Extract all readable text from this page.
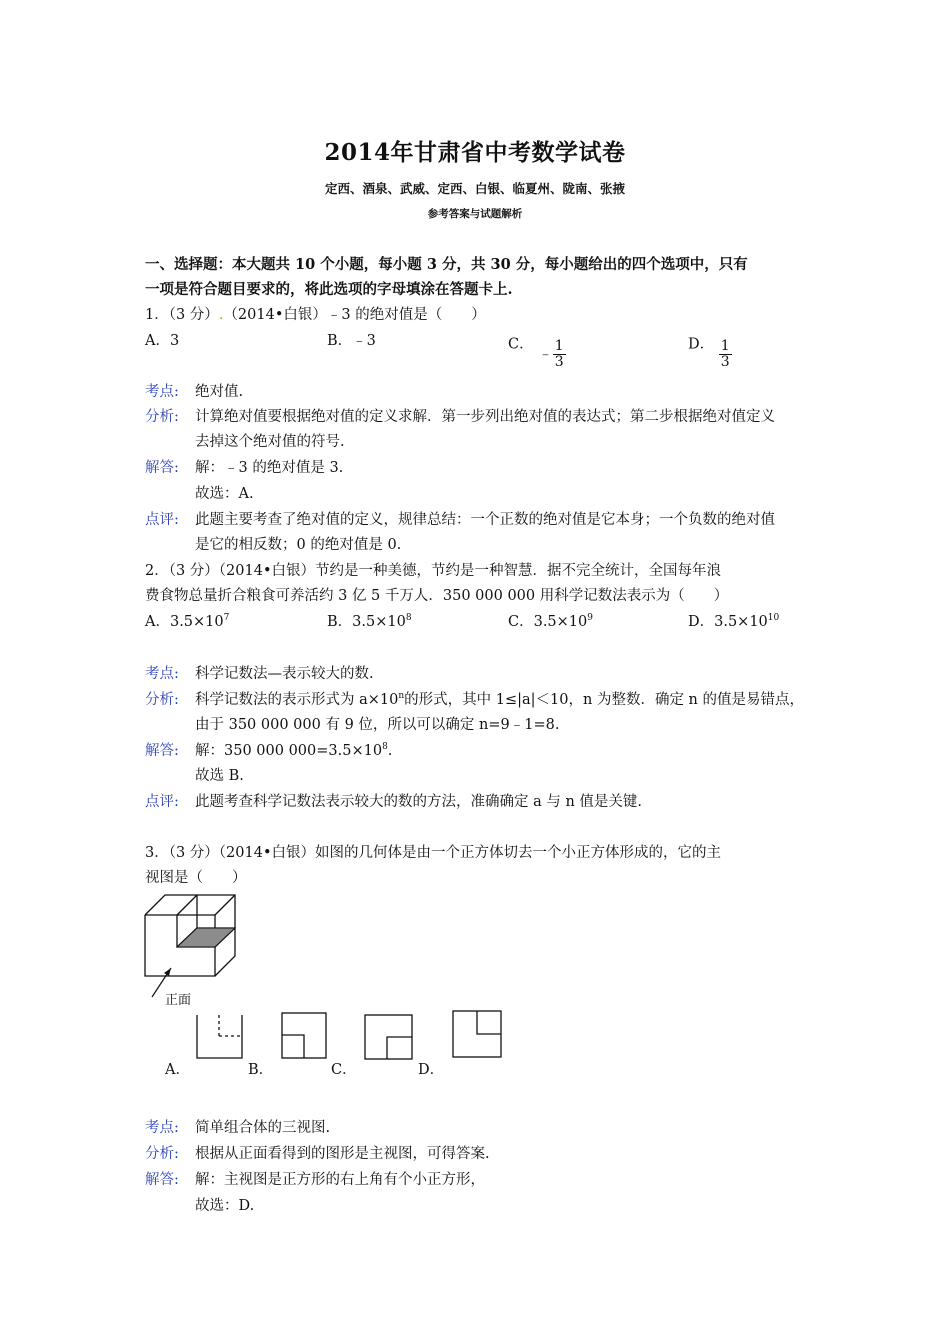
2014年甘肃省中考数学试卷
定西、酒泉、武威、定西、白银、临夏州、陇南、张掖
参考答案与试题解析
一、选择题：本大题共 10 个小题，每小题 3 分，共 30 分，每小题给出的四个选项中，只有
一项是符合题目要求的，将此选项的字母填涂在答题卡上.
1．（3 分）.（2014•白银）﹣3 的绝对值是（　　）
A．3	B．﹣3	C． ﹣ $\frac{1}{3}$	D． $\frac{1}{3}$
考点: 绝对值.
分析: 计算绝对值要根据绝对值的定义求解．第一步列出绝对值的表达式；第二步根据绝对值定义
去掉这个绝对值的符号.
解答: 解：﹣3 的绝对值是 3.
故选：A.
点评: 此题主要考查了绝对值的定义，规律总结：一个正数的绝对值是它本身；一个负数的绝对值
是它的相反数；0 的绝对值是 0.
2．（3 分）（2014•白银）节约是一种美德，节约是一种智慧．据不完全统计，全国每年浪
费食物总量折合粮食可养活约 3 亿 5 千万人．350 000 000 用科学记数法表示为（　　）
A．$3.5\times 10^7$	B．$3.5\times 10^8$	C．$3.5\times 10^9$	D．$3.5\times 10^{10}$
考点: 科学记数法—表示较大的数.
分析: 科学记数法的表示形式为 $a\times 10^n$的形式，其中 1≤|a|＜10，n 为整数．确定 n 的值是易错点，
由于 350 000 000 有 9 位，所以可以确定 n=9﹣1=8.
解答: 解：350 000 $000=3.5\times 10^8$.
故选 B.
点评: 此题考查科学记数法表示较大的数的方法，准确确定 a 与 n 值是关键.
3．（3 分）（2014•白银）如图的几何体是由一个正方体切去一个小正方体形成的，它的主
视图是（　　）
正面
A．	B．	C．	D．
考点: 简单组合体的三视图.
分析: 根据从正面看得到的图形是主视图，可得答案.
解答: 解：主视图是正方形的右上角有个小正方形，
故选：D.
